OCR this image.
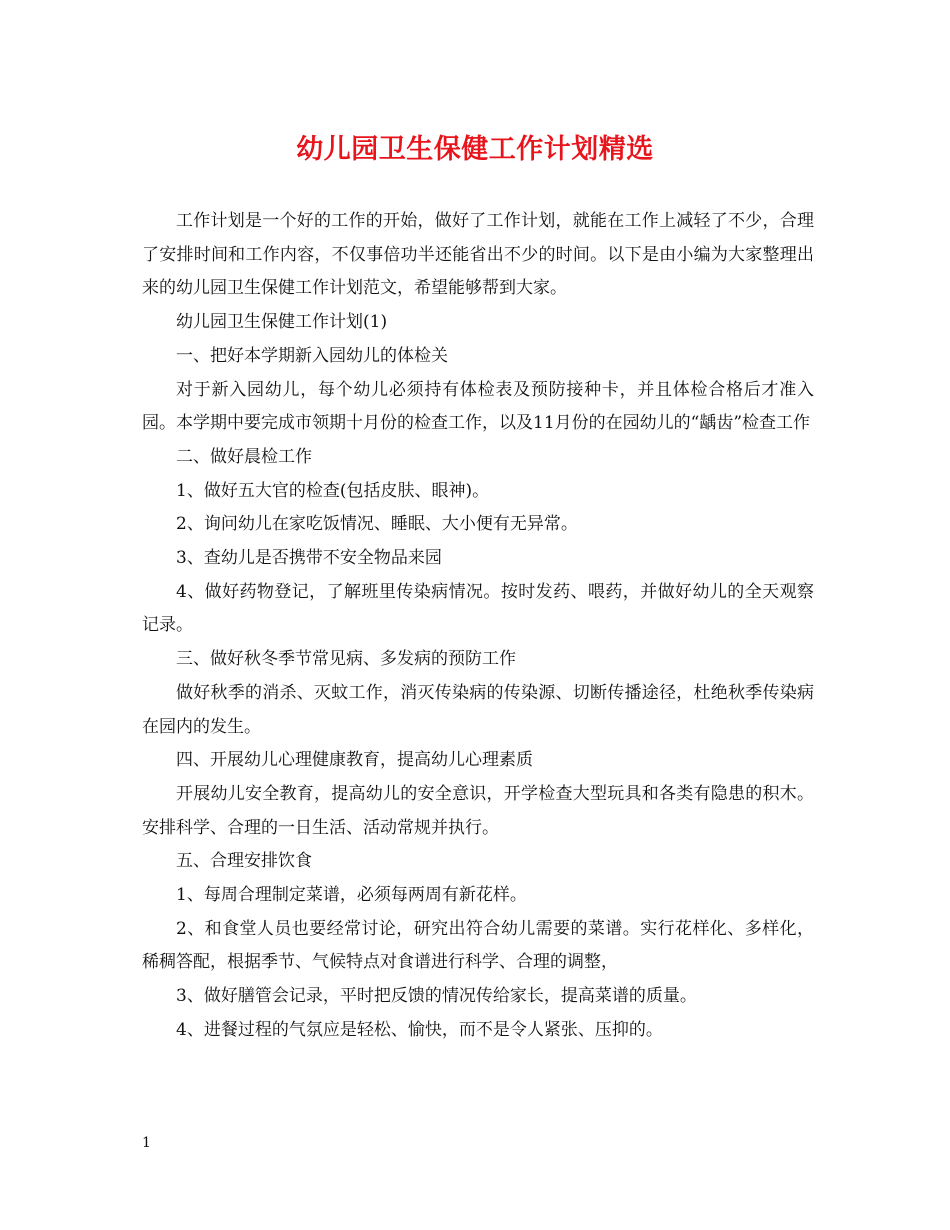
幼儿园卫生保健工作计划精选

工作计划是一个好的工作的开始，做好了工作计划，就能在工作上减轻了不少，合理了安排时间和工作内容，不仅事倍功半还能省出不少的时间。以下是由小编为大家整理出来的幼儿园卫生保健工作计划范文，希望能够帮到大家。

幼儿园卫生保健工作计划(1)

一、把好本学期新入园幼儿的体检关

对于新入园幼儿，每个幼儿必须持有体检表及预防接种卡，并且体检合格后才准入园。本学期中要完成市领期十月份的检查工作，以及11月份的在园幼儿的“龋齿”检查工作

二、做好晨检工作

1、做好五大官的检查(包括皮肤、眼神)。

2、询问幼儿在家吃饭情况、睡眠、大小便有无异常。

3、查幼儿是否携带不安全物品来园

4、做好药物登记，了解班里传染病情况。按时发药、喂药，并做好幼儿的全天观察记录。

三、做好秋冬季节常见病、多发病的预防工作

做好秋季的消杀、灭蚊工作，消灭传染病的传染源、切断传播途径，杜绝秋季传染病在园内的发生。

四、开展幼儿心理健康教育，提高幼儿心理素质

开展幼儿安全教育，提高幼儿的安全意识，开学检查大型玩具和各类有隐患的积木。安排科学、合理的一日生活、活动常规并执行。

五、合理安排饮食

1、每周合理制定菜谱，必须每两周有新花样。

2、和食堂人员也要经常讨论，研究出符合幼儿需要的菜谱。实行花样化、多样化，稀稠答配，根据季节、气候特点对食谱进行科学、合理的调整，

3、做好膳管会记录，平时把反馈的情况传给家长，提高菜谱的质量。

4、进餐过程的气氛应是轻松、愉快，而不是令人紧张、压抑的。

1
